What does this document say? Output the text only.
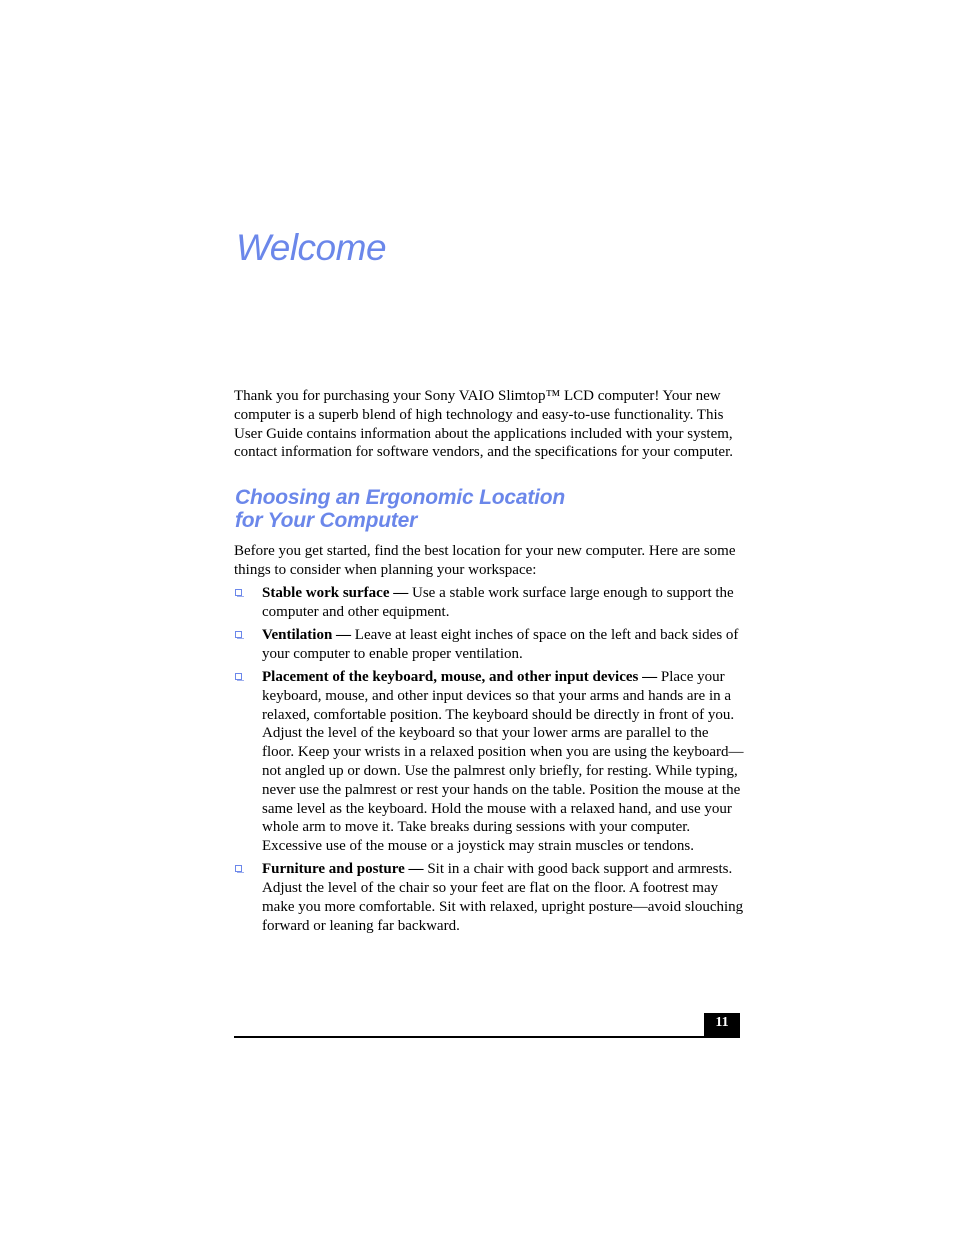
Welcome

Thank you for purchasing your Sony VAIO Slimtop™ LCD computer! Your new computer is a superb blend of high technology and easy-to-use functionality. This User Guide contains information about the applications included with your system, contact information for software vendors, and the specifications for your computer.

Choosing an Ergonomic Location
for Your Computer

Before you get started, find the best location for your new computer. Here are some things to consider when planning your workspace:

Stable work surface — Use a stable work surface large enough to support the computer and other equipment.
Ventilation — Leave at least eight inches of space on the left and back sides of your computer to enable proper ventilation.
Placement of the keyboard, mouse, and other input devices — Place your keyboard, mouse, and other input devices so that your arms and hands are in a relaxed, comfortable position. The keyboard should be directly in front of you. Adjust the level of the keyboard so that your lower arms are parallel to the floor. Keep your wrists in a relaxed position when you are using the keyboard—not angled up or down. Use the palmrest only briefly, for resting. While typing, never use the palmrest or rest your hands on the table. Position the mouse at the same level as the keyboard. Hold the mouse with a relaxed hand, and use your whole arm to move it. Take breaks during sessions with your computer. Excessive use of the mouse or a joystick may strain muscles or tendons.
Furniture and posture — Sit in a chair with good back support and armrests. Adjust the level of the chair so your feet are flat on the floor. A footrest may make you more comfortable. Sit with relaxed, upright posture—avoid slouching forward or leaning far backward.
11
